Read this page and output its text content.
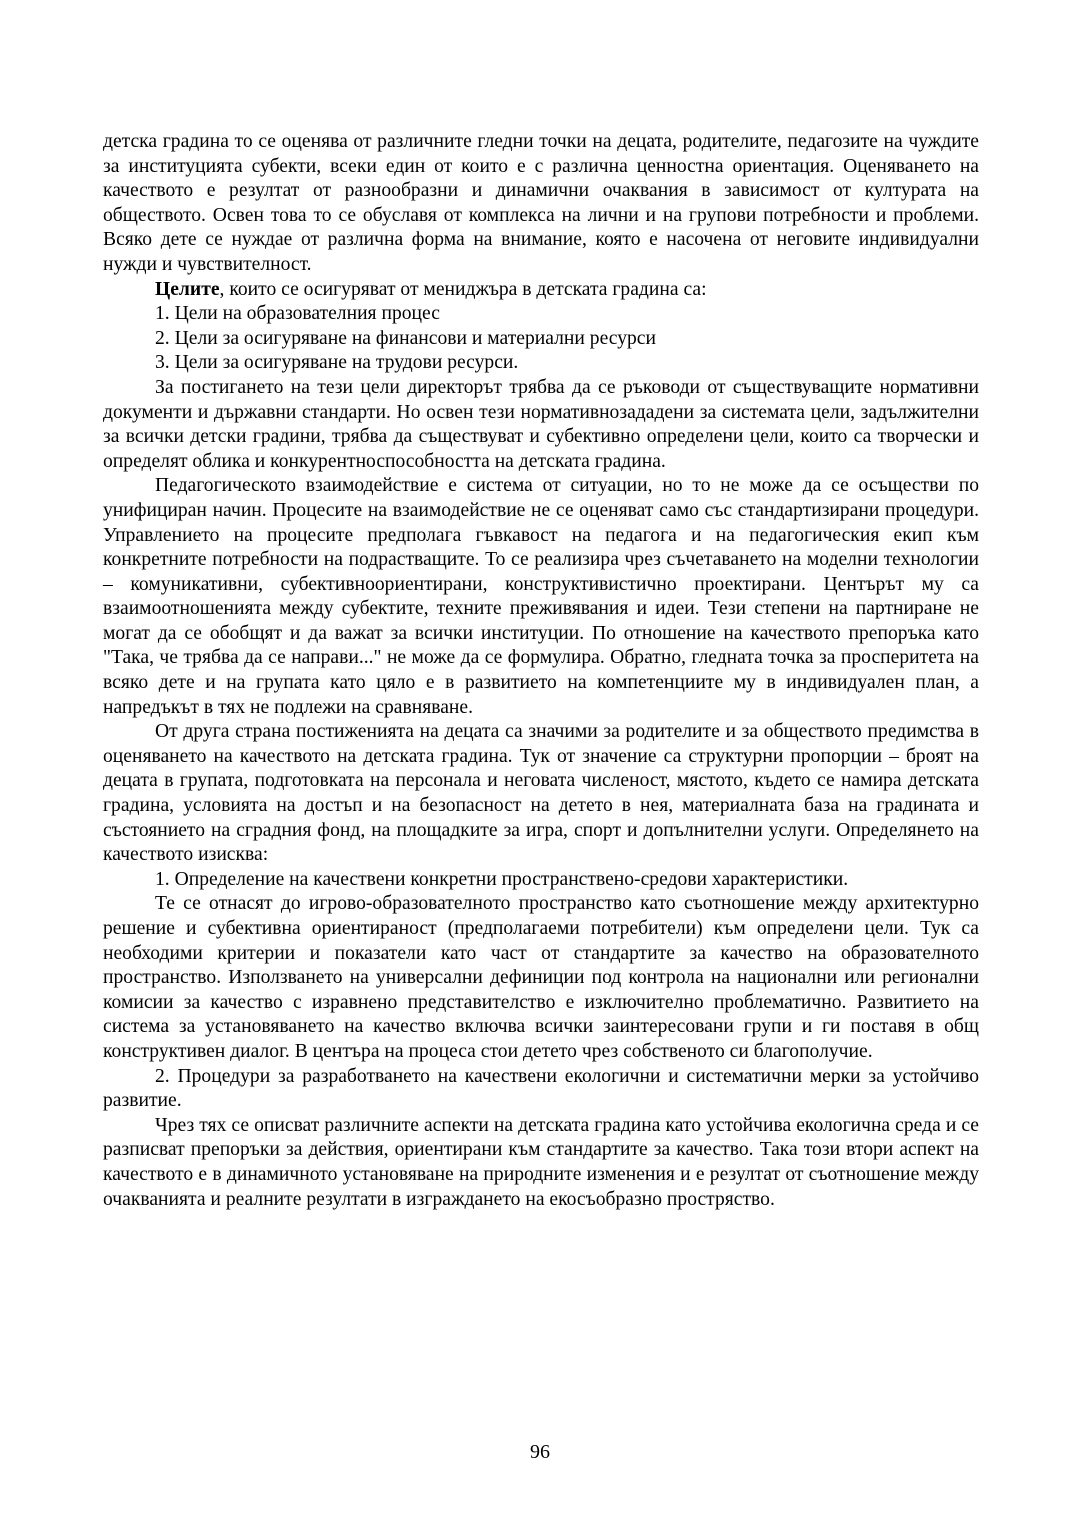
детска градина то се оценява от различните гледни точки на децата, родителите, педагозите на чуждите за институцията субекти, всеки един от които е с различна ценностна ориентация. Оценяването на качеството е резултат от разнообразни и динамични очаквания в зависимост от културата на обществото. Освен това то се обуславя от комплекса на лични и на групови потребности и проблеми. Всяко дете се нуждае от различна форма на внимание, която е насочена от неговите индивидуални нужди и чувствителност.

Целите, които се осигуряват от мениджъра в детската градина са:

1. Цели на образователния процес

2. Цели за осигуряване на финансови и материални ресурси

3. Цели за осигуряване на трудови ресурси.

За постигането на тези цели директорът трябва да се ръководи от съществуващите нормативни документи и държавни стандарти. Но освен тези нормативнозададени за системата цели, задължителни за всички детски градини, трябва да съществуват и субективно определени цели, които са творчески и определят облика и конкурентноспособността на детската градина.

Педагогическото взаимодействие е система от ситуации, но то не може да се осъществи по унифициран начин. Процесите на взаимодействие не се оценяват само със стандартизирани процедури. Управлението на процесите предполага гъвкавост на педагога и на педагогическия екип към конкретните потребности на подрастващите. То се реализира чрез съчетаването на моделни технологии – комуникативни, субективноориентирани, конструктивистично проектирани. Центърът му са взаимоотношенията между субектите, техните преживявания и идеи. Тези степени на партниране не могат да се обобщят и да важат за всички институции. По отношение на качеството препоръка като "Така, че трябва да се направи..." не може да се формулира. Обратно, гледната точка за просперитета на всяко дете и на групата като цяло е в развитието на компетенциите му в индивидуален план, а напредъкът в тях не подлежи на сравняване.

От друга страна постиженията на децата са значими за родителите и за обществото предимства в оценяването на качеството на детската градина. Тук от значение са структурни пропорции – броят на децата в групата, подготовката на персонала и неговата численост, мястото, където се намира детската градина, условията на достъп и на безопасност на детето в нея, материалната база на градината и състоянието на сградния фонд, на площадките за игра, спорт и допълнителни услуги. Определянето на качеството изисква:

1. Определение на качествени конкретни пространствено-средови характеристики.

Те се отнасят до игрово-образователното пространство като съотношение между архитектурно решение и субективна ориентираност (предполагаеми потребители) към определени цели. Тук са необходими критерии и показатели като част от стандартите за качество на образователното пространство. Използването на универсални дефиниции под контрола на национални или регионални комисии за качество с изравнено представителство е изключително проблематично. Развитието на система за установяването на качество включва всички заинтересовани групи и ги поставя в общ конструктивен диалог. В центъра на процеса стои детето чрез собственото си благополучие.

2. Процедури за разработването на качествени екологични и систематични мерки за устойчиво развитие.

Чрез тях се описват различните аспекти на детската градина като устойчива екологична среда и се разписват препоръки за действия, ориентирани към стандартите за качество. Така този втори аспект на качеството е в динамичното установяване на природните изменения и е резултат от съотношение между очакванията и реалните резултати в изграждането на екосъобразно простряство.

96
